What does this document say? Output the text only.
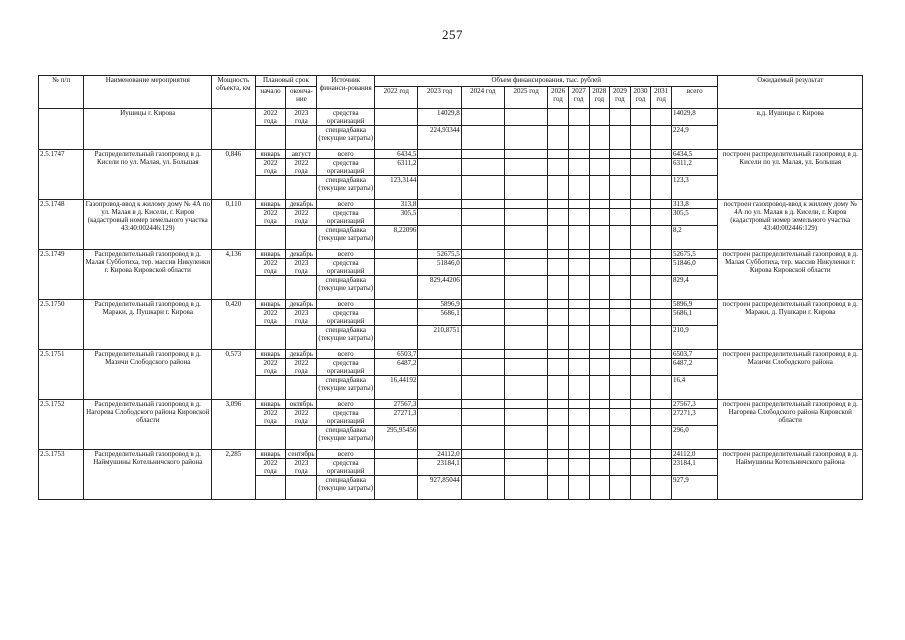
257
№ п/п	Наименование мероприятия	Мощность объекта, км	Плановый срок		Источник финанси-рования	Объем финансирования, тыс. рублей											Ожидаемый результат
			начало	оконча-ние		2022 год	2023 год	2024 год	2025 год	2026 год	2027 год	2028 год	2029 год	2030 год	2031 год	всего	
	Иушицы г. Кирова		2022 года	2023 года	средства организаций		14029,8									14029,8	в.д. Иушицы г. Кирова
					спецнадбавка (текущие затраты)		224,93344									224,9	
2.5.1747	Распределительный газопровод в д. Кисели по ул. Малая, ул. Большая	0,846	январь	август	всего	6434,5										6434,5	построен распределительный газопровод в д. Кисели по ул. Малая, ул. Большая
			2022 года	2022 года	средства организаций	6311,2										6311,2	
					спецнадбавка (текущие затраты)	123,3144										123,3	
2.5.1748	Газопровод-ввод к жилому дому № 4А по ул. Малая в д. Кисели, г. Киров (кадастровый номер земельного участка 43:40:002446:129)	0,110	январь	декабрь	всего	313,8										313,8	построен газопровод-ввод к жилому дому № 4А по ул. Малая в д. Кисели, г. Киров (кадастровый номер земельного участка 43:40:002446:129)
			2022 года	2022 года	средства организаций	305,5										305,5	
					спецнадбавка (текущие затраты)	8,22096										8,2	
2.5.1749	Распределительный газопровод в д. Малая Субботиха, тер. массив Никуленки г. Кирова Кировской области	4,136	январь	декабрь	всего		52675,5									52675,5	построен распределительный газопровод в д. Малая Субботиха, тер. массив Никуленки г. Кирова Кировской области
			2022 года	2023 года	средства организаций		51846,0									51846,0	
					спецнадбавка (текущие затраты)		829,44206									829,4	
2.5.1750	Распределительный газопровод в д. Мараки, д. Пушкари г. Кирова	0,420	январь	декабрь	всего		5896,9									5896,9	построен распределительный газопровод в д. Мараки, д. Пушкари г. Кирова
			2022 года	2023 года	средства организаций		5686,1									5686,1	
					спецнадбавка (текущие затраты)		210,8751									210,9	
2.5.1751	Распределительный газопровод в д. Мазичи Слободского района	0,573	январь	декабрь	всего	6503,7										6503,7	построен распределительный газопровод в д. Мазичи Слободского района
			2022 года	2022 года	средства организаций	6487,2										6487,2	
					спецнадбавка (текущие затраты)	16,44192										16,4	
2.5.1752	Распределительный газопровод в д. Нагорева Слободского района Кировской области	3,096	январь	октябрь	всего	27567,3										27567,3	построен распределительный газопровод в д. Нагорева Слободского района Кировской области
			2022 года	2022 года	средства организаций	27271,3										27271,3	
					спецнадбавка (текущие затраты)	295,95456										296,0	
2.5.1753	Распределительный газопровод в д. Наймушины Котельничского района	2,285	январь	сентябрь	всего		24112,0									24112,0	построен распределительный газопровод в д. Наймушины Котельничского района
			2022 года	2023 года	средства организаций		23184,1									23184,1	
					спецнадбавка (текущие затраты)		927,85044									927,9	
